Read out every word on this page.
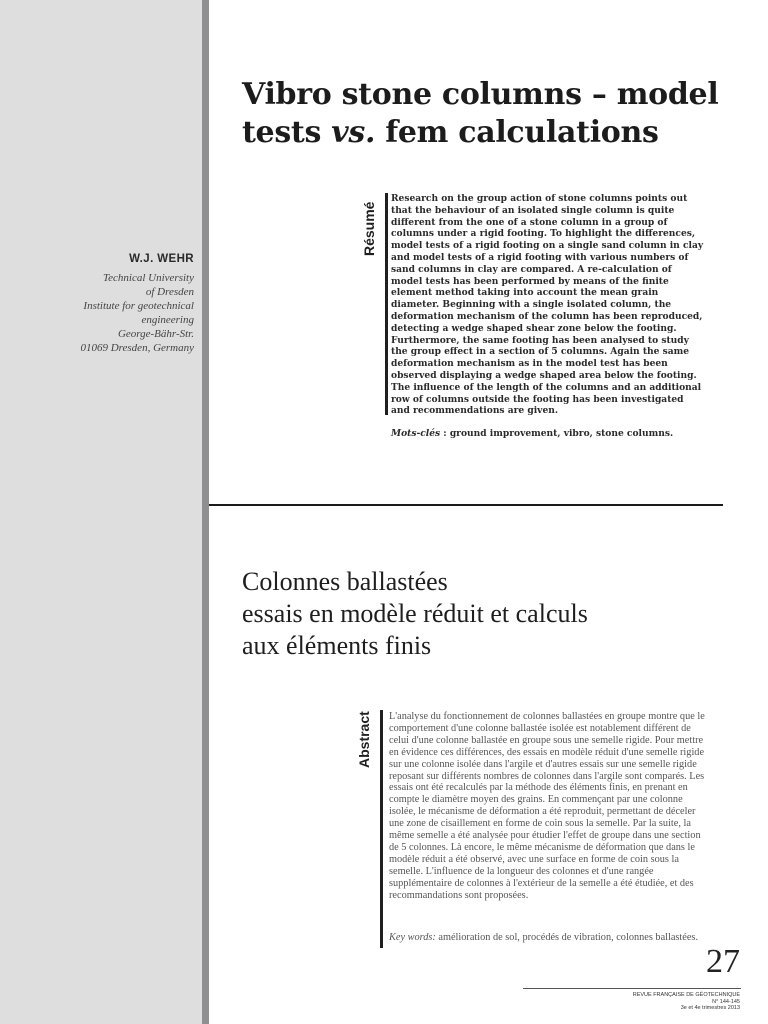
W.J. WEHR
Technical University
of Dresden
Institute for geotechnical
engineering
George-Bähr-Str.
01069 Dresden, Germany
Vibro stone columns – model
tests vs. fem calculations
Résumé

Research on the group action of stone columns points out that the behaviour of an isolated single column is quite different from the one of a stone column in a group of columns under a rigid footing. To highlight the differences, model tests of a rigid footing on a single sand column in clay and model tests of a rigid footing with various numbers of sand columns in clay are compared. A re-calculation of model tests has been performed by means of the finite element method taking into account the mean grain diameter. Beginning with a single isolated column, the deformation mechanism of the column has been reproduced, detecting a wedge shaped shear zone below the footing. Furthermore, the same footing has been analysed to study the group effect in a section of 5 columns. Again the same deformation mechanism as in the model test has been observed displaying a wedge shaped area below the footing. The influence of the length of the columns and an additional row of columns outside the footing has been investigated and recommendations are given.

Mots-clés : ground improvement, vibro, stone columns.
Colonnes ballastées
essais en modèle réduit et calculs
aux éléments finis
Abstract L'analyse du fonctionnement de colonnes ballastées en groupe montre que le comportement d'une colonne ballastée isolée est notablement différent de celui d'une colonne ballastée en groupe sous une semelle rigide. Pour mettre en évidence ces différences, des essais en modèle réduit d'une semelle rigide sur une colonne isolée dans l'argile et d'autres essais sur une semelle rigide reposant sur différents nombres de colonnes dans l'argile sont comparés. Les essais ont été recalculés par la méthode des éléments finis, en prenant en compte le diamètre moyen des grains. En commençant par une colonne isolée, le mécanisme de déformation a été reproduit, permettant de déceler une zone de cisaillement en forme de coin sous la semelle. Par la suite, la même semelle a été analysée pour étudier l'effet de groupe dans une section de 5 colonnes. Là encore, le même mécanisme de déformation que dans le modèle réduit a été observé, avec une surface en forme de coin sous la semelle. L'influence de la longueur des colonnes et d'une rangée supplémentaire de colonnes à l'extérieur de la semelle a été étudiée, et des recommandations sont proposées.

Key words: amélioration de sol, procédés de vibration, colonnes ballastées.
27
REVUE FRANÇAISE DE GÉOTECHNIQUE
N° 144-145
3e et 4e trimestres 2013
